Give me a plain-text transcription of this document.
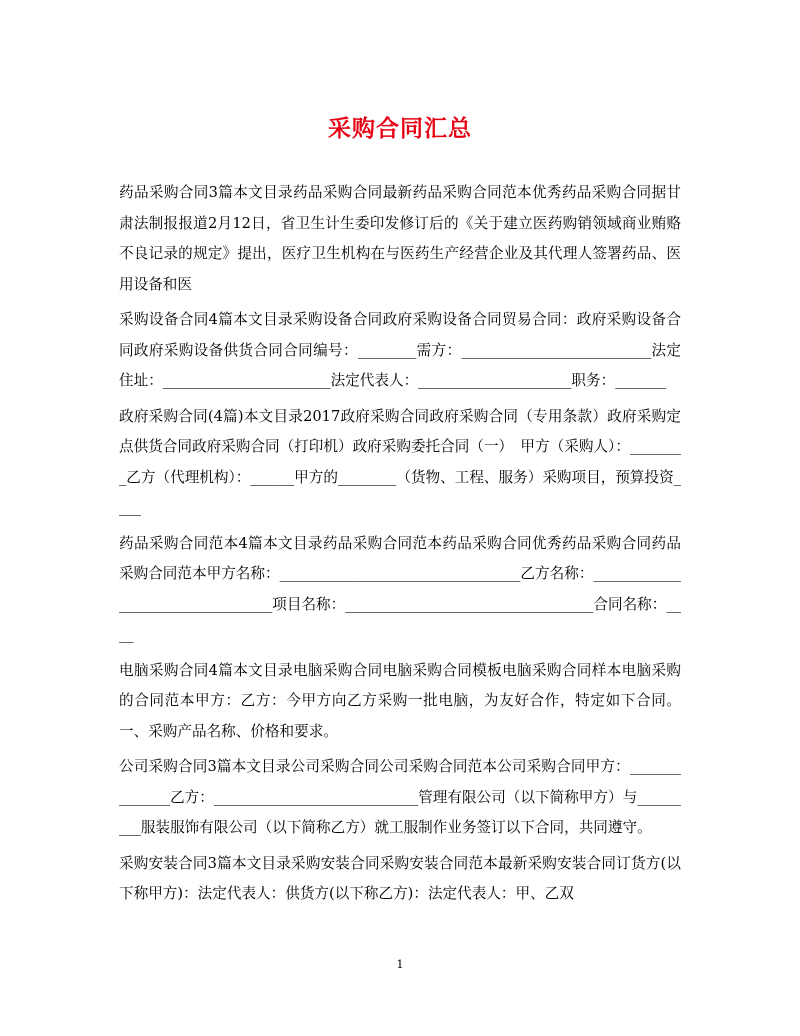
采购合同汇总

药品采购合同3篇本文目录药品采购合同最新药品采购合同范本优秀药品采购合同据甘肃法制报报道2月12日，省卫生计生委印发修订后的《关于建立医药购销领域商业贿赂不良记录的规定》提出，医疗卫生机构在与医药生产经营企业及其代理人签署药品、医用设备和医

采购设备合同4篇本文目录采购设备合同政府采购设备合同贸易合同：政府采购设备合同政府采购设备供货合同合同编号：________需方：__________________________法定住址：_______________________法定代表人：_____________________职务：_______

政府采购合同(4篇)本文目录2017政府采购合同政府采购合同（专用条款）政府采购定点供货合同政府采购合同（打印机）政府采购委托合同（一）　甲方（采购人）：________乙方（代理机构）：______甲方的________（货物、工程、服务）采购项目，预算投资____

药品采购合同范本4篇本文目录药品采购合同范本药品采购合同优秀药品采购合同药品采购合同范本甲方名称：_________________________________乙方名称：_________________________________项目名称：__________________________________合同名称：____

电脑采购合同4篇本文目录电脑采购合同电脑采购合同模板电脑采购合同样本电脑采购的合同范本甲方：乙方：今甲方向乙方采购一批电脑，为友好合作，特定如下合同。一、采购产品名称、价格和要求。

公司采购合同3篇本文目录公司采购合同公司采购合同范本公司采购合同甲方：______________乙方：____________________________管理有限公司（以下简称甲方）与_________服装服饰有限公司（以下简称乙方）就工服制作业务签订以下合同，共同遵守。

采购安装合同3篇本文目录采购安装合同采购安装合同范本最新采购安装合同订货方(以下称甲方)：法定代表人：供货方(以下称乙方)：法定代表人：甲、乙双

1
